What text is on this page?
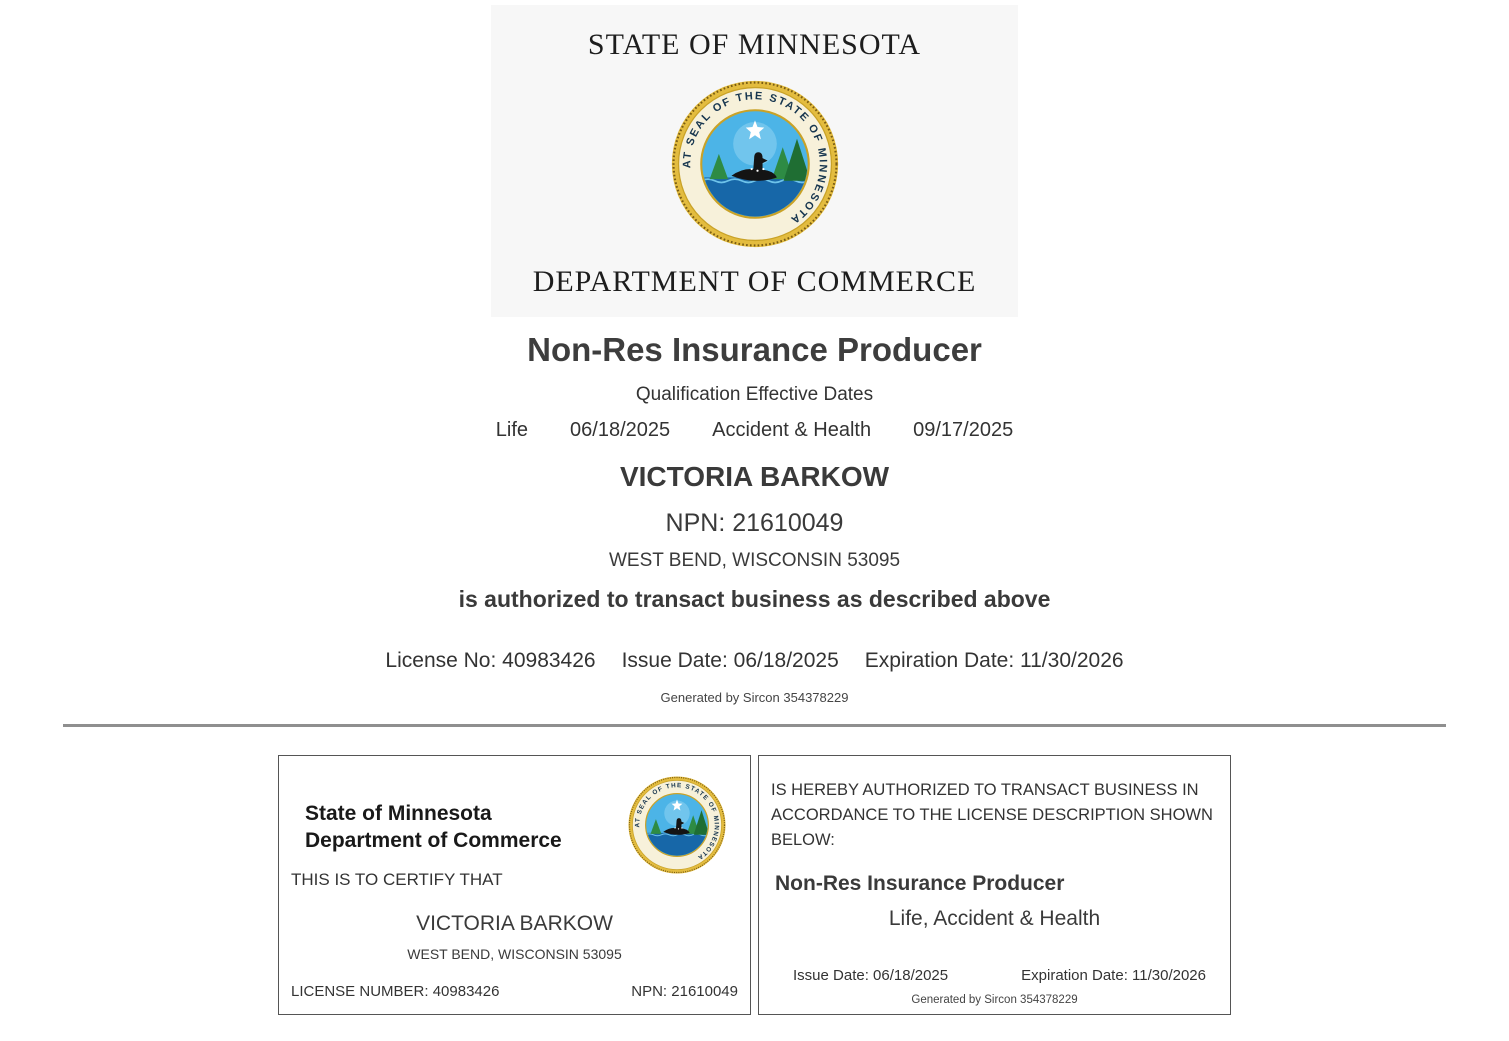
STATE OF MINNESOTA
DEPARTMENT OF COMMERCE
Non-Res Insurance Producer
Qualification Effective Dates
Life 06/18/2025 Accident & Health 09/17/2025
VICTORIA BARKOW
NPN: 21610049
WEST BEND, WISCONSIN 53095
is authorized to transact business as described above
License No: 40983426 Issue Date: 06/18/2025 Expiration Date: 11/30/2026
Generated by Sircon 354378229
State of Minnesota
Department of Commerce
THIS IS TO CERTIFY THAT
VICTORIA BARKOW
WEST BEND, WISCONSIN 53095
LICENSE NUMBER: 40983426	NPN: 21610049
IS HEREBY AUTHORIZED TO TRANSACT BUSINESS IN ACCORDANCE TO THE LICENSE DESCRIPTION SHOWN BELOW:
Non-Res Insurance Producer
Life, Accident & Health
Issue Date: 06/18/2025	Expiration Date: 11/30/2026
Generated by Sircon 354378229
